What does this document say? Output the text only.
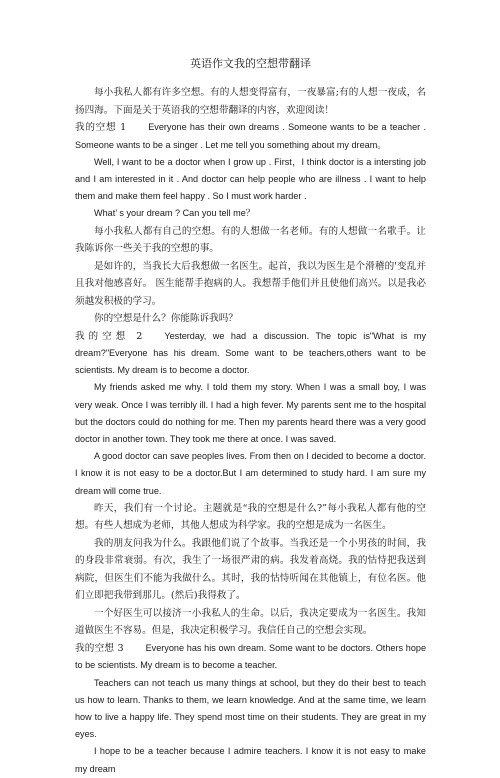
英语作文我的空想带翻译

每小我私人都有许多空想。有的人想变得富有，一夜暴富;有的人想一夜成，名扬四海。下面是关于英语我的空想带翻译的内容，欢迎阅读！

我的空想 1 Everyone has their own dreams . Someone wants to be a teacher . Someone wants to be a singer . Let me tell you something about my dream。

Well, I want to be a doctor when I grow up . First，I think doctor is a intersting job and I am interested in it . And doctor can help people who are illness . I want to help them and make them feel happy . So I must work harder .

What’ s your dream ? Can you tell me？

每小我私人都有自己的空想。有的人想做一名老师。有的人想做一名歌手。让我陈诉你一些关于我的空想的事。

是如许的，当我长大后我想做一名医生。起首，我以为医生是个滑稽的'变乱并且我对他感喜好。 医生能帮手抱病的人。我想帮手他们并且使他们高兴。以是我必须越发积极的学习。

你的空想是什么？你能陈诉我吗？

我的空想 2 Yesterday, we had a discussion. The topic is"What is my dream?"Everyone has his dream. Some want to be teachers,others want to be scientists. My dream is to become a doctor.

My friends asked me why. I told them my story. When I was a small boy, I was very weak. Once I was terribly ill. I had a high fever. My parents sent me to the hospital but the doctors could do nothing for me. Then my parents heard there was a very good doctor in another town. They took me there at once. I was saved.

A good doctor can save peoples lives. From then on I decided to become a doctor. I know it is not easy to be a doctor.But I am determined to study hard. I am sure my dream will come true.

昨天，我们有一个讨论。主题就是“我的空想是什么?”每小我私人都有他的空想。有些人想成为老师，其他人想成为科学家。我的空想是成为一名医生。

我的朋友问我为什么。我跟他们说了个故事。当我还是一个小男孩的时间，我的身段非常衰弱。有次，我生了一场很严肃的病。我发着高烧。我的怙恃把我送到病院，但医生们不能为我做什么。其时，我的怙恃听闻在其他镇上，有位名医。他们立即把我带到那儿。(然后)我得救了。

一个好医生可以接济一小我私人的生命。以后，我决定要成为一名医生。我知道做医生不容易。但是，我决定积极学习。我信任自己的空想会实现。

我的空想 3 Everyone has his own dream. Some want to be doctors. Others hope to be scientists. My dream is to become a teacher.

Teachers can not teach us many things at school, but they do their best to teach us how to learn. Thanks to them, we learn knowledge. And at the same time, we learn how to live a happy life. They spend most time on their students. They are great in my eyes.

I hope to be a teacher because I admire teachers. I know it is not easy to make my dream
